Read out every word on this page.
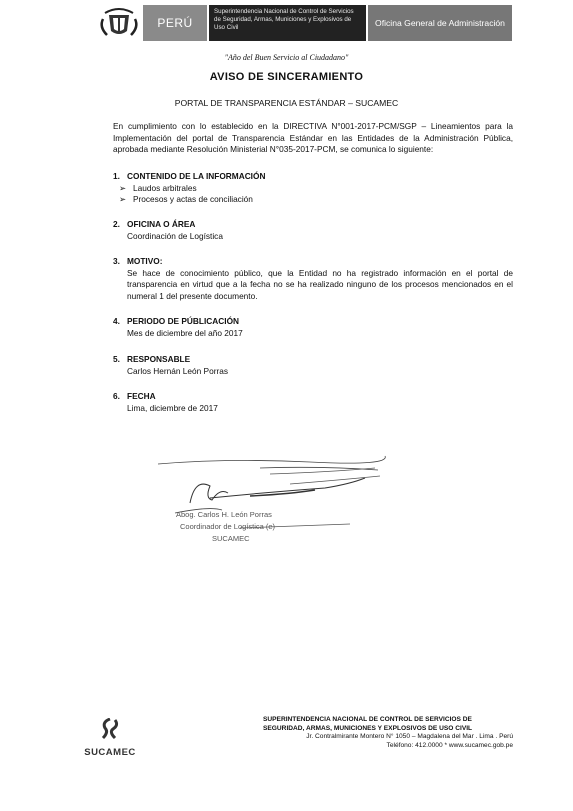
PERÚ
Superintendencia Nacional de Control de Servicios de Seguridad, Armas, Municiones y Explosivos de Uso Civil	Oficina General de Administración
"Año del Buen Servicio al Ciudadano"
AVISO DE SINCERAMIENTO
PORTAL DE TRANSPARENCIA ESTÁNDAR – SUCAMEC
En cumplimiento con lo establecido en la DIRECTIVA N°001-2017-PCM/SGP – Lineamientos para la Implementación del portal de Transparencia Estándar en las Entidades de la Administración Pública, aprobada mediante Resolución Ministerial N°035-2017-PCM, se comunica lo siguiente:
1. CONTENIDO DE LA INFORMACIÓN
➢ Laudos arbitrales
➢ Procesos y actas de conciliación
2. OFICINA O ÁREA
Coordinación de Logística
3. MOTIVO:
Se hace de conocimiento público, que la Entidad no ha registrado información en el portal de transparencia en virtud que a la fecha no se ha realizado ninguno de los procesos mencionados en el numeral 1 del presente documento.
4. PERIODO DE PÚBLICACIÓN
Mes de diciembre del año 2017
5. RESPONSABLE
Carlos Hernán León Porras
6. FECHA
Lima, diciembre de 2017
Abog. Carlos H. León Porras
Coordinador de Logística (e)
SUCAMEC
SUCAMEC
SUPERINTENDENCIA NACIONAL DE CONTROL DE SERVICIOS DE
SEGURIDAD, ARMAS, MUNICIONES Y EXPLOSIVOS DE USO CIVIL
Jr. Contralmirante Montero N° 1050 – Magdalena del Mar . Lima . Perú
Teléfono: 412.0000 * www.sucamec.gob.pe
